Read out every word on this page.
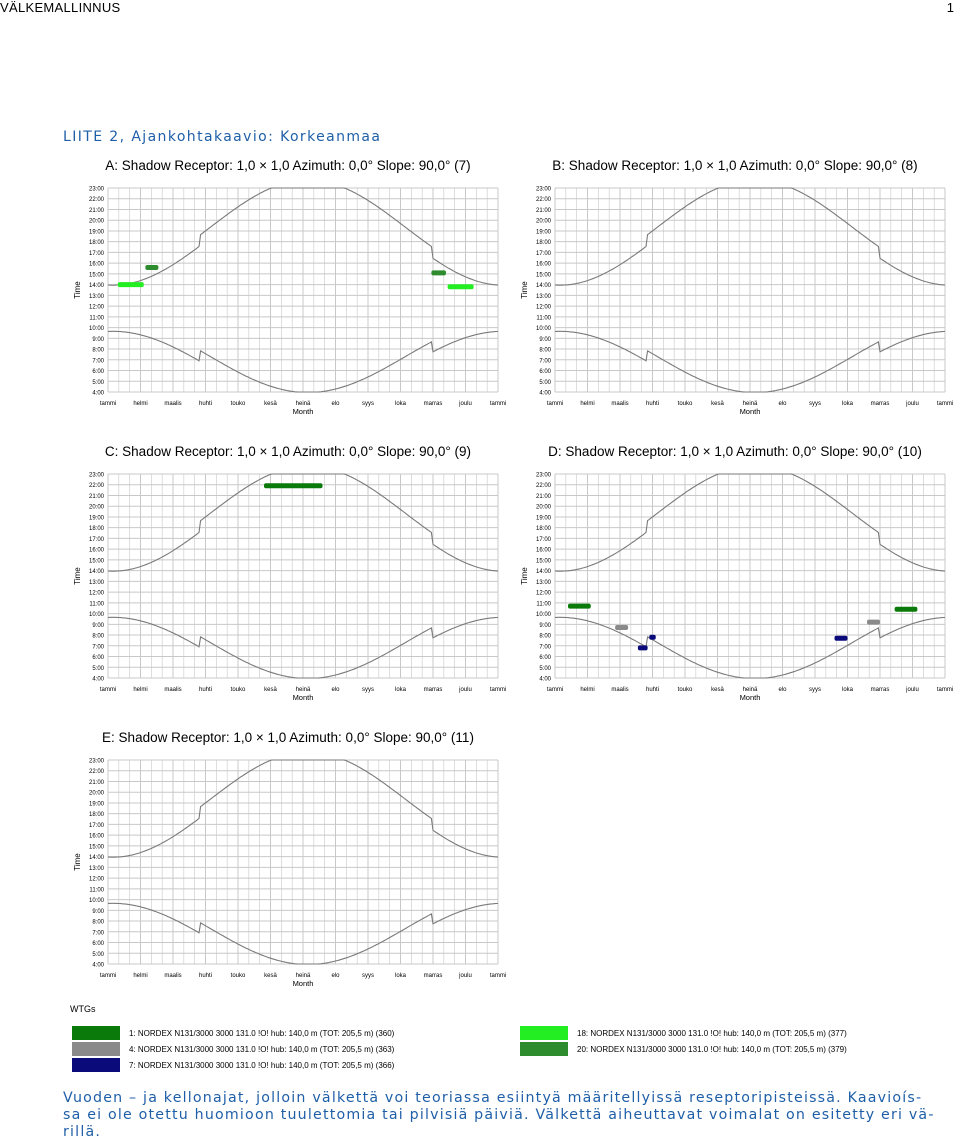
VÄLKEMALLINNUS	1
LIITE 2, Ajankohtakaavio: Korkeanmaa
A: Shadow Receptor: 1,0 × 1,0 Azimuth: 0,0° Slope: 90,0° (7)
23:00
22:00
21:00
20:00
19:00
18:00
17:00
16:00
15:00
14:00
13:00
12:00
11:00
10:00
9:00
8:00
7:00
6:00
5:00
4:00
tammi	helmi	maalis	huhti	touko	kesä	heinä	elo	syys	loka	marras	joulu	tammi
Month
Time
B: Shadow Receptor: 1,0 × 1,0 Azimuth: 0,0° Slope: 90,0° (8)
23:00
22:00
21:00
20:00
19:00
18:00
17:00
16:00
15:00
14:00
13:00
12:00
11:00
10:00
9:00
8:00
7:00
6:00
5:00
4:00
tammi	helmi	maalis	huhti	touko	kesä	heinä	elo	syys	loka	marras	joulu	tammi
Month
Time
C: Shadow Receptor: 1,0 × 1,0 Azimuth: 0,0° Slope: 90,0° (9)
23:00
22:00
21:00
20:00
19:00
18:00
17:00
16:00
15:00
14:00
13:00
12:00
11:00
10:00
9:00
8:00
7:00
6:00
5:00
4:00
tammi	helmi	maalis	huhti	touko	kesä	heinä	elo	syys	loka	marras	joulu	tammi
Month
Time
D: Shadow Receptor: 1,0 × 1,0 Azimuth: 0,0° Slope: 90,0° (10)
23:00
22:00
21:00
20:00
19:00
18:00
17:00
16:00
15:00
14:00
13:00
12:00
11:00
10:00
9:00
8:00
7:00
6:00
5:00
4:00
tammi	helmi	maalis	huhti	touko	kesä	heinä	elo	syys	loka	marras	joulu	tammi
Month
Time
E: Shadow Receptor: 1,0 × 1,0 Azimuth: 0,0° Slope: 90,0° (11)
23:00
22:00
21:00
20:00
19:00
18:00
17:00
16:00
15:00
14:00
13:00
12:00
11:00
10:00
9:00
8:00
7:00
6:00
5:00
4:00
tammi	helmi	maalis	huhti	touko	kesä	heinä	elo	syys	loka	marras	joulu	tammi
Month
Time
WTGs
1: NORDEX N131/3000 3000 131.0 !O! hub: 140,0 m (TOT: 205,5 m) (360)
4: NORDEX N131/3000 3000 131.0 !O! hub: 140,0 m (TOT: 205,5 m) (363)
7: NORDEX N131/3000 3000 131.0 !O! hub: 140,0 m (TOT: 205,5 m) (366)
18: NORDEX N131/3000 3000 131.0 !O! hub: 140,0 m (TOT: 205,5 m) (377)
20: NORDEX N131/3000 3000 131.0 !O! hub: 140,0 m (TOT: 205,5 m) (379)
Vuoden – ja kellonajat, jolloin välkettä voi teoriassa esiintyä määritellyissä reseptoripisteissä. Kaavioís-
sa ei ole otettu huomioon tuulettomia tai pilvisiä päiviä. Välkettä aiheuttavat voimalat on esitetty eri vä-
rillä.
